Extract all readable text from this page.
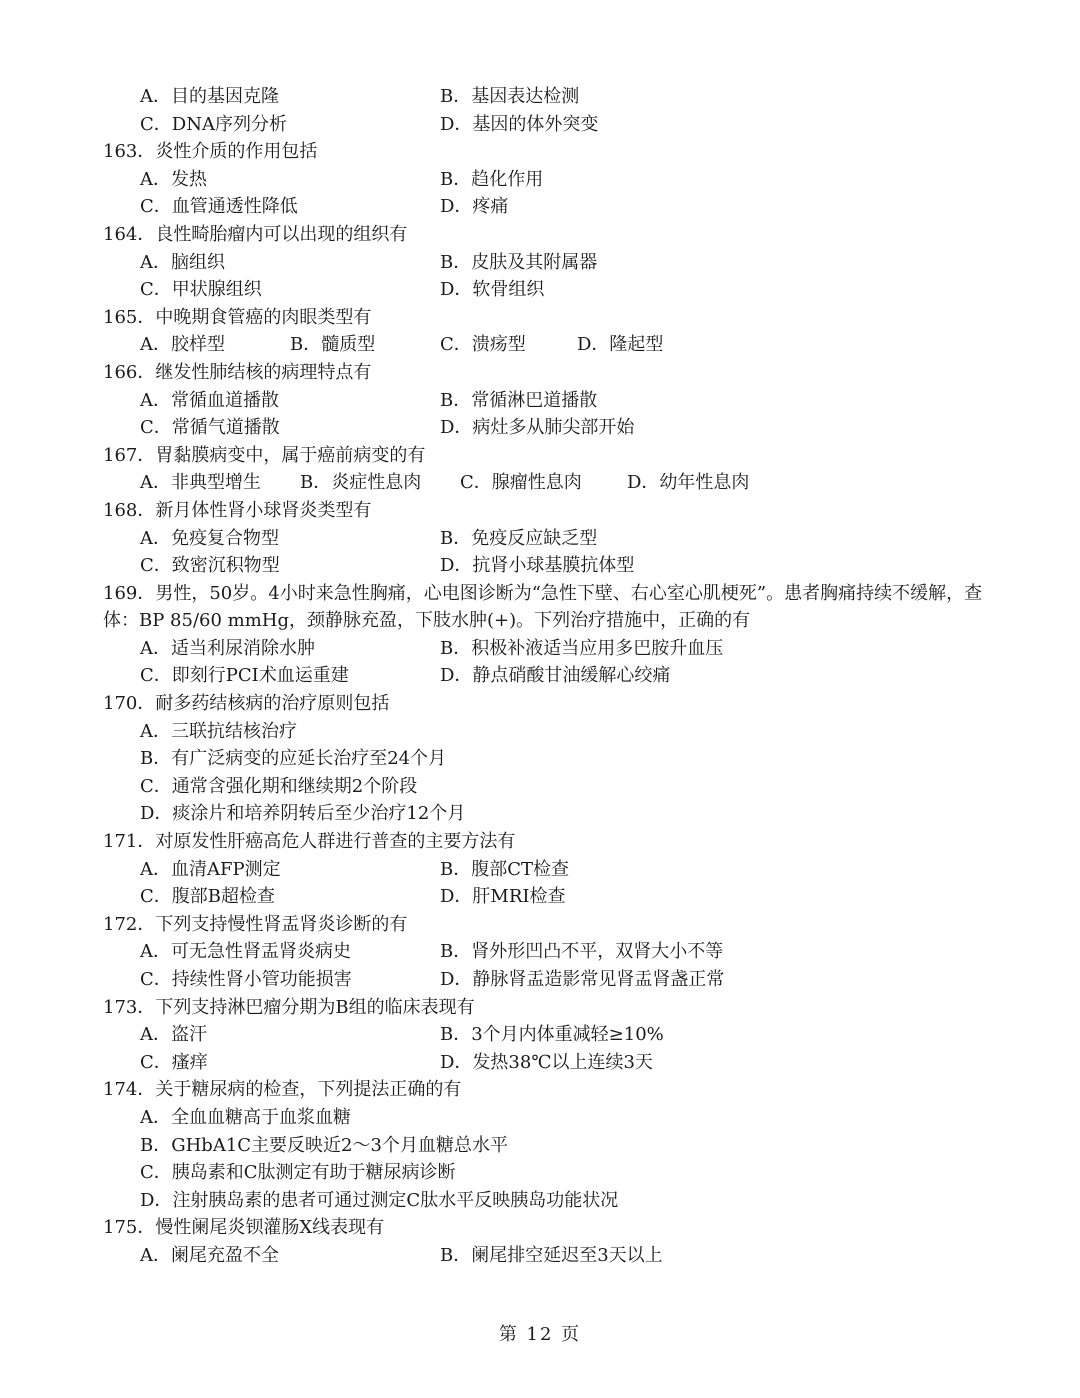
A．目的基因克隆	B．基因表达检测
C．DNA序列分析	D．基因的体外突变
163．炎性介质的作用包括
A．发热	B．趋化作用
C．血管通透性降低	D．疼痛
164．良性畸胎瘤内可以出现的组织有
A．脑组织	B．皮肤及其附属器
C．甲状腺组织	D．软骨组织
165．中晚期食管癌的肉眼类型有
A．胶样型	B．髓质型	C．溃疡型	D．隆起型
166．继发性肺结核的病理特点有
A．常循血道播散	B．常循淋巴道播散
C．常循气道播散	D．病灶多从肺尖部开始
167．胃黏膜病变中，属于癌前病变的有
A．非典型增生 B．炎症性息肉 C．腺瘤性息肉	D．幼年性息肉
168．新月体性肾小球肾炎类型有
A．免疫复合物型	B．免疫反应缺乏型
C．致密沉积物型	D．抗肾小球基膜抗体型
169．男性，50岁。4小时来急性胸痛，心电图诊断为“急性下壁、右心室心肌梗死”。患者胸痛持续不缓解，查
体：BP 85/60 mmHg，颈静脉充盈，下肢水肿(+)。下列治疗措施中，正确的有
A．适当利尿消除水肿	B．积极补液适当应用多巴胺升血压
C．即刻行PCI术血运重建	D．静点硝酸甘油缓解心绞痛
170．耐多药结核病的治疗原则包括
A．三联抗结核治疗
B．有广泛病变的应延长治疗至24个月
C．通常含强化期和继续期2个阶段
D．痰涂片和培养阴转后至少治疗12个月
171．对原发性肝癌高危人群进行普查的主要方法有
A．血清AFP测定	B．腹部CT检查
C．腹部B超检查	D．肝MRI检查
172．下列支持慢性肾盂肾炎诊断的有
A．可无急性肾盂肾炎病史	B．肾外形凹凸不平，双肾大小不等
C．持续性肾小管功能损害	D．静脉肾盂造影常见肾盂肾盏正常
173．下列支持淋巴瘤分期为B组的临床表现有
A．盗汗	B．3个月内体重减轻≥10%
C．瘙痒	D．发热38℃以上连续3天
174．关于糖尿病的检查，下列提法正确的有
A．全血血糖高于血浆血糖
B．GHbA1C主要反映近2～3个月血糖总水平
C．胰岛素和C肽测定有助于糖尿病诊断
D．注射胰岛素的患者可通过测定C肽水平反映胰岛功能状况
175．慢性阑尾炎钡灌肠X线表现有
A．阑尾充盈不全	B．阑尾排空延迟至3天以上
第 12 页
